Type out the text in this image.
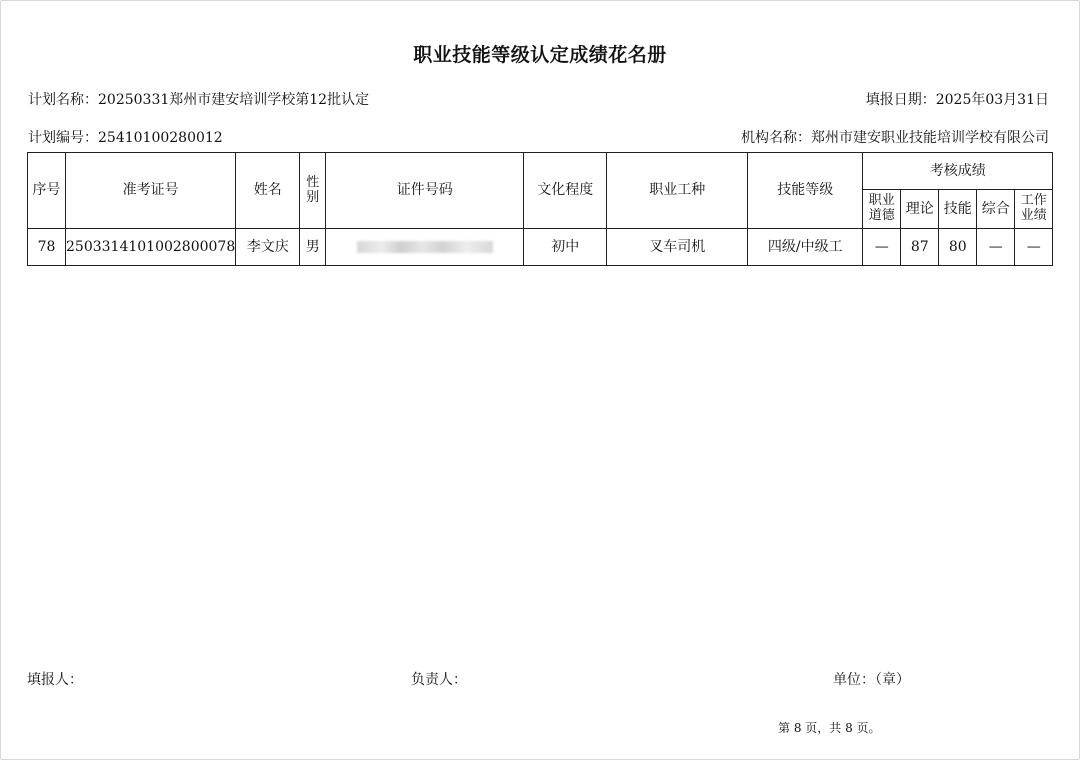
职业技能等级认定成绩花名册
计划名称：20250331郑州市建安培训学校第12批认定	填报日期：2025年03月31日
计划编号：25410100280012	机构名称：郑州市建安职业技能培训学校有限公司
序号	准考证号	姓名	性别	证件号码	文化程度	职业工种	技能等级	考核成绩				
								职业道德	理论	技能	综合	工作业绩
78	2503314101002800078	李文庆	男		初中	叉车司机	四级/中级工	—	87	80	—	—
填报人：	负责人：	单位：（章）
第 8 页，共 8 页。
